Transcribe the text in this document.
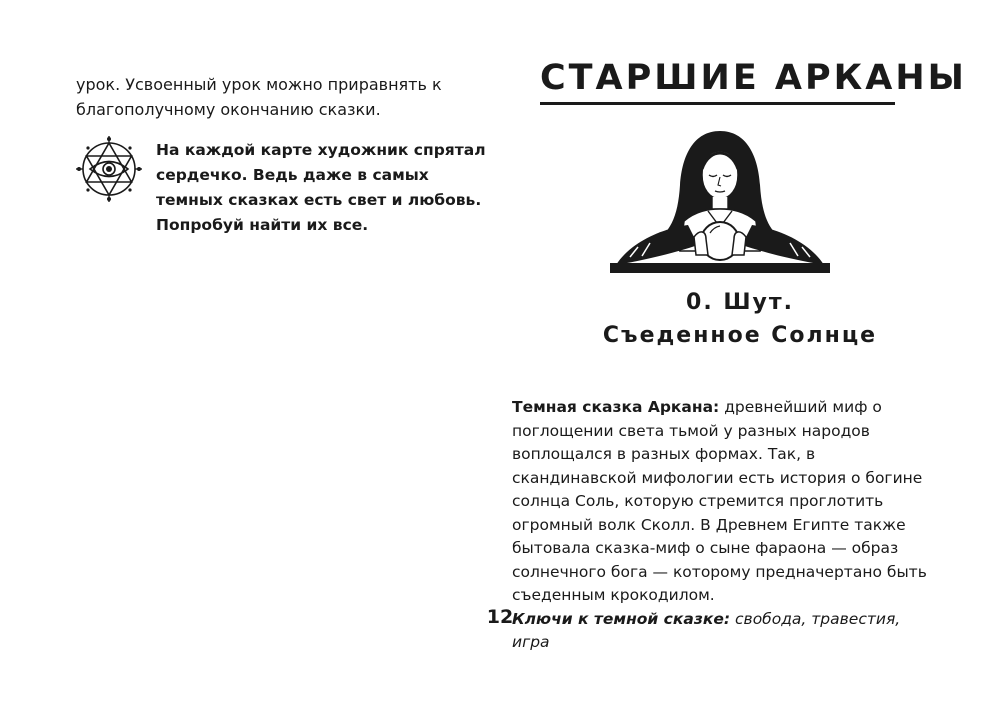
урок. Усвоенный урок можно приравнять к благополучному окончанию сказки.

На каждой карте художник спрятал сердечко. Ведь даже в самых темных сказках есть свет и любовь. Попробуй найти их все.

СТАРШИЕ АРКАНЫ
0. Шут.
Съеденное Солнце

Темная сказка Аркана: древнейший миф о поглощении света тьмой у разных народов воплощался в разных формах. Так, в скандинавской мифологии есть история о богине солнца Соль, которую стремится проглотить огромный волк Сколл. В Древнем Египте также бытовала сказка-миф о сыне фараона — образ солнечного бога — которому предначертано быть съеденным крокодилом.
Ключи к темной сказке: свобода, травестия, игра

12
